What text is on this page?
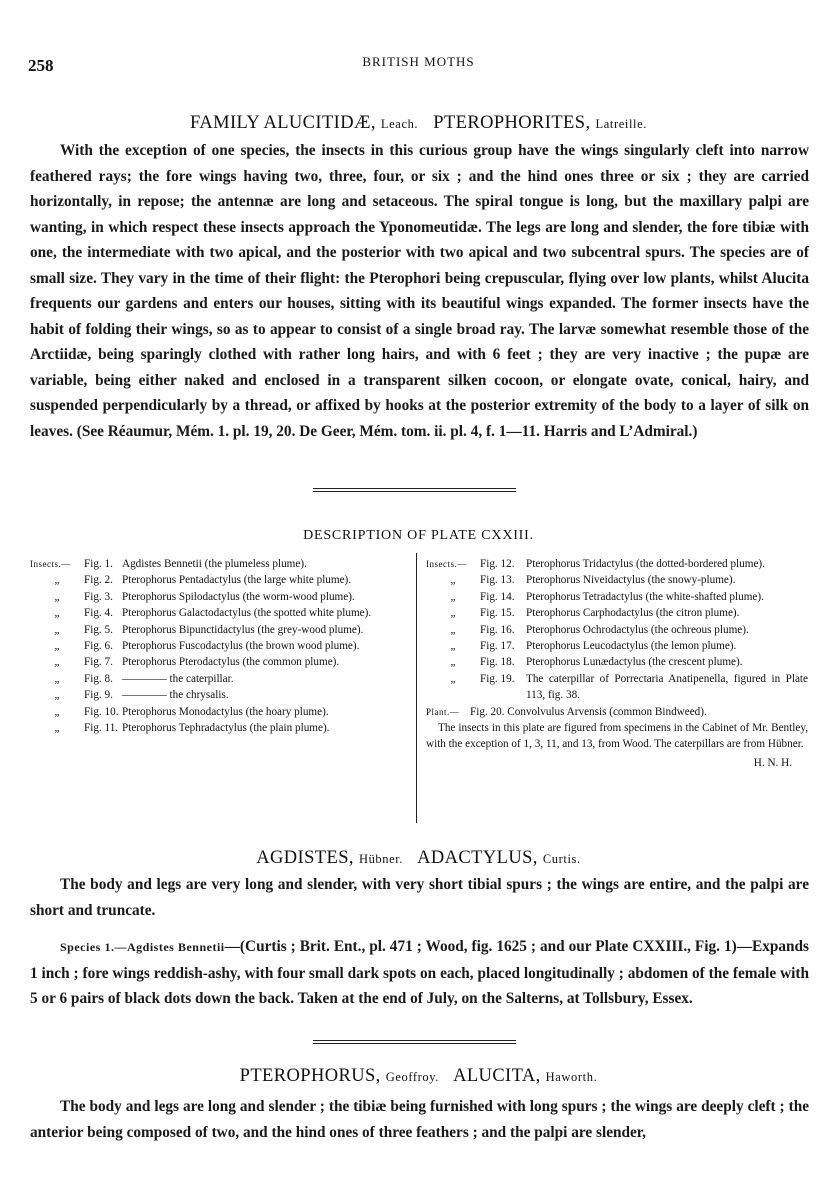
258	BRITISH MOTHS
FAMILY ALUCITIDÆ, Leach. PTEROPHORITES, Latreille.
With the exception of one species, the insects in this curious group have the wings singularly cleft into narrow feathered rays; the fore wings having two, three, four, or six ; and the hind ones three or six ; they are carried horizontally, in repose; the antennæ are long and setaceous. The spiral tongue is long, but the maxillary palpi are wanting, in which respect these insects approach the Yponomeutidæ. The legs are long and slender, the fore tibiæ with one, the intermediate with two apical, and the posterior with two apical and two subcentral spurs. The species are of small size. They vary in the time of their flight: the Pterophori being crepuscular, flying over low plants, whilst Alucita frequents our gardens and enters our houses, sitting with its beautiful wings expanded. The former insects have the habit of folding their wings, so as to appear to consist of a single broad ray. The larvæ somewhat resemble those of the Arctiidæ, being sparingly clothed with rather long hairs, and with 6 feet ; they are very inactive ; the pupæ are variable, being either naked and enclosed in a transparent silken cocoon, or elongate ovate, conical, hairy, and suspended perpendicularly by a thread, or affixed by hooks at the posterior extremity of the body to a layer of silk on leaves. (See Réaumur, Mém. 1. pl. 19, 20. De Geer, Mém. tom. ii. pl. 4, f. 1—11. Harris and L’Admiral.)
DESCRIPTION OF PLATE CXXIII.
Insects.—	Fig. 1. Agdistes Bennetii (the plumeless plume).
„	Fig. 2. Pterophorus Pentadactylus (the large white plume).
„	Fig. 3. Pterophorus Spilodactylus (the worm-wood plume).
„	Fig. 4. Pterophorus Galactodactylus (the spotted white plume).
„	Fig. 5. Pterophorus Bipunctidactylus (the grey-wood plume).
„	Fig. 6. Pterophorus Fuscodactylus (the brown wood plume).
„	Fig. 7. Pterophorus Pterodactylus (the common plume).
„	Fig. 8. ———— the caterpillar.
„	Fig. 9. ———— the chrysalis.
„	Fig. 10. Pterophorus Monodactylus (the hoary plume).
„	Fig. 11. Pterophorus Tephradactylus (the plain plume).
Insects.—	Fig. 12.	Pterophorus Tridactylus (the dotted-bordered plume).
„	Fig. 13.	Pterophorus Niveidactylus (the snowy-plume).
„	Fig. 14.	Pterophorus Tetradactylus (the white-shafted plume).
„	Fig. 15.	Pterophorus Carphodactylus (the citron plume).
„	Fig. 16.	Pterophorus Ochrodactylus (the ochreous plume).
„	Fig. 17.	Pterophorus Leucodactylus (the lemon plume).
„	Fig. 18.	Pterophorus Lunædactylus (the crescent plume).
„	Fig. 19.	The caterpillar of Porrectaria Anatipenella, figured in Plate 113, fig. 38.
Plant.— Fig. 20. Convolvulus Arvensis (common Bindweed).
The insects in this plate are figured from specimens in the Cabinet of Mr. Bentley, with the exception of 1, 3, 11, and 13, from Wood. The caterpillars are from Hübner.
H. N. H.
AGDISTES, Hübner. ADACTYLUS, Curtis.
The body and legs are very long and slender, with very short tibial spurs ; the wings are entire, and the palpi are short and truncate.
Species 1.—Agdistes Bennetii—(Curtis ; Brit. Ent., pl. 471 ; Wood, fig. 1625 ; and our Plate CXXIII., Fig. 1)—Expands 1 inch ; fore wings reddish-ashy, with four small dark spots on each, placed longitudinally ; abdomen of the female with 5 or 6 pairs of black dots down the back. Taken at the end of July, on the Salterns, at Tollsbury, Essex.
PTEROPHORUS, Geoffroy. ALUCITA, Haworth.
The body and legs are long and slender ; the tibiæ being furnished with long spurs ; the wings are deeply cleft ; the anterior being composed of two, and the hind ones of three feathers ; and the palpi are slender,
